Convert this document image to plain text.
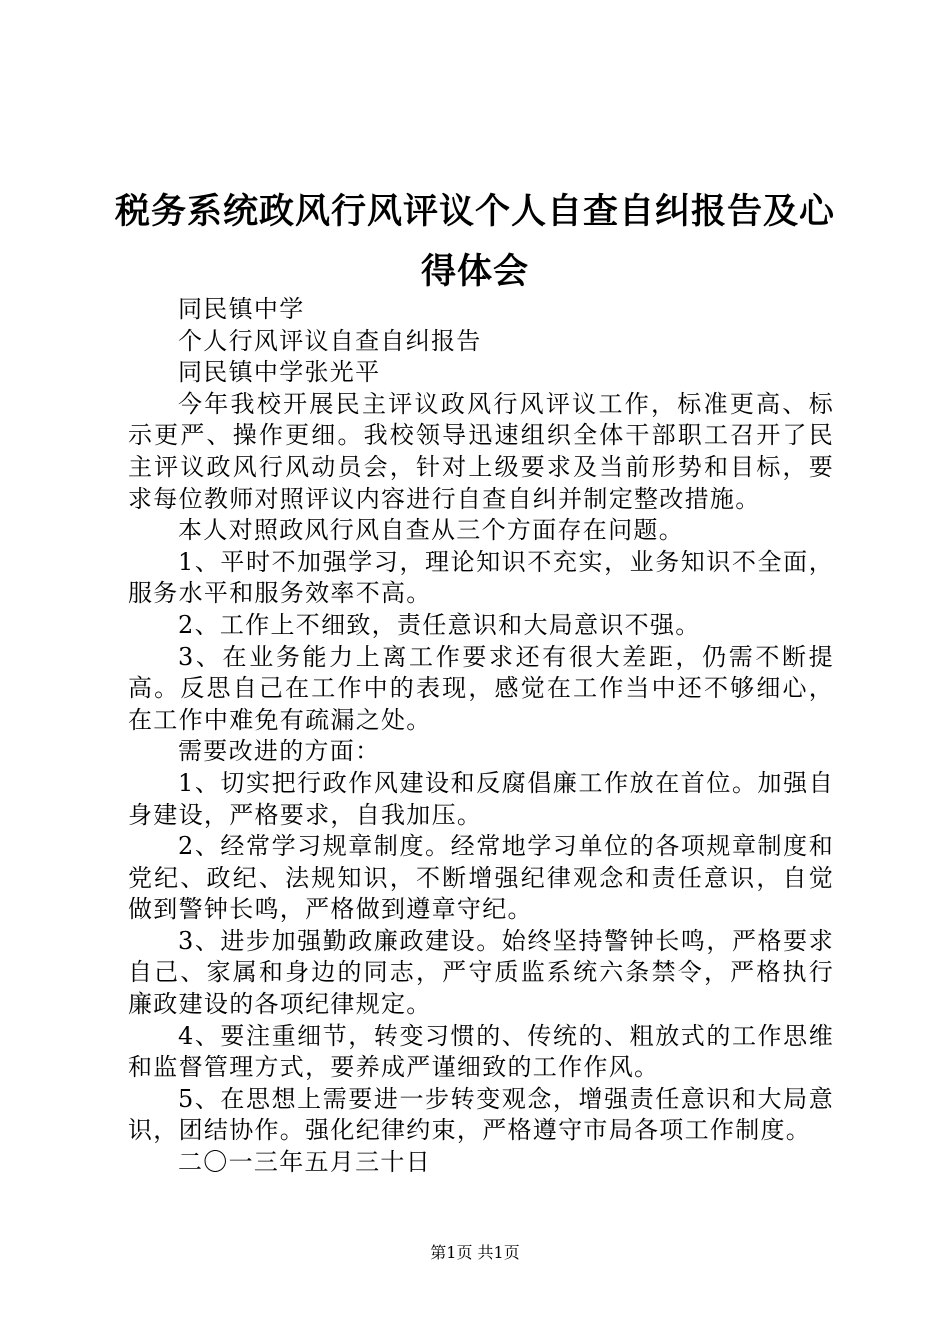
税务系统政风行风评议个人自查自纠报告及心得体会

同民镇中学

个人行风评议自查自纠报告

同民镇中学张光平

今年我校开展民主评议政风行风评议工作，标准更高、标示更严、操作更细。我校领导迅速组织全体干部职工召开了民主评议政风行风动员会，针对上级要求及当前形势和目标，要求每位教师对照评议内容进行自查自纠并制定整改措施。

本人对照政风行风自查从三个方面存在问题。

1、平时不加强学习，理论知识不充实，业务知识不全面，服务水平和服务效率不高。

2、工作上不细致，责任意识和大局意识不强。

3、在业务能力上离工作要求还有很大差距，仍需不断提高。反思自己在工作中的表现，感觉在工作当中还不够细心，在工作中难免有疏漏之处。

需要改进的方面：

1、切实把行政作风建设和反腐倡廉工作放在首位。加强自身建设，严格要求，自我加压。

2、经常学习规章制度。经常地学习单位的各项规章制度和党纪、政纪、法规知识，不断增强纪律观念和责任意识，自觉做到警钟长鸣，严格做到遵章守纪。

3、进步加强勤政廉政建设。始终坚持警钟长鸣，严格要求自己、家属和身边的同志，严守质监系统六条禁令，严格执行廉政建设的各项纪律规定。

4、要注重细节，转变习惯的、传统的、粗放式的工作思维和监督管理方式，要养成严谨细致的工作作风。

5、在思想上需要进一步转变观念，增强责任意识和大局意识，团结协作。强化纪律约束，严格遵守市局各项工作制度。

二〇一三年五月三十日

第1页 共1页
